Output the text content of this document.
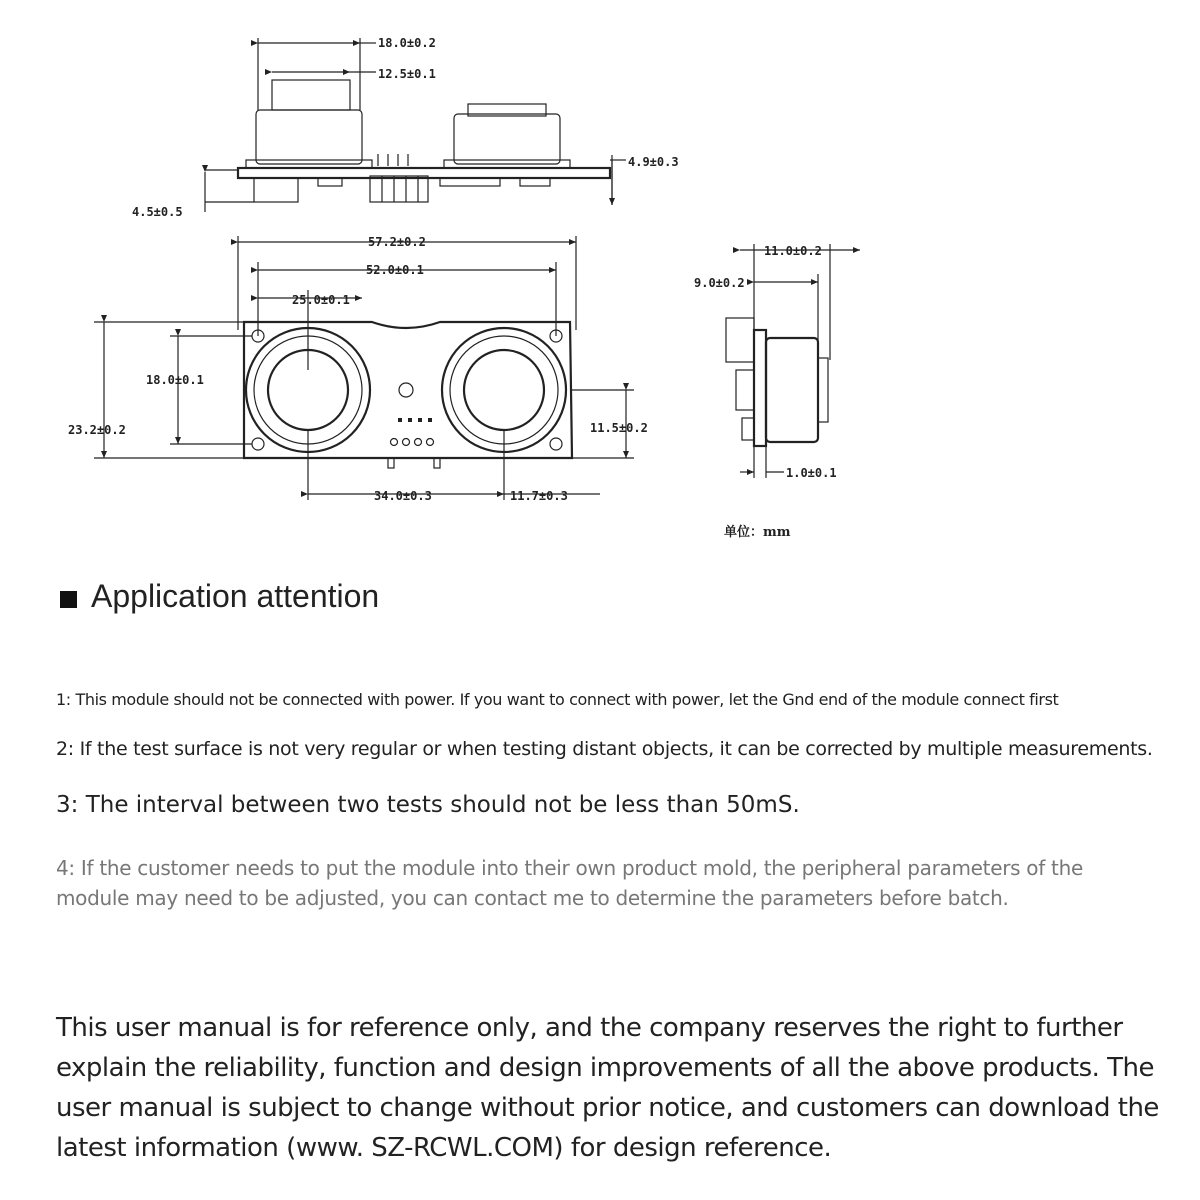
18.0±0.2
12.5±0.1
4.5±0.5
4.9±0.3
57.2±0.2
52.0±0.1
25.0±0.1
23.2±0.2
18.0±0.1
11.5±0.2
34.0±0.3	11.7±0.3
11.0±0.2
9.0±0.2
1.0±0.1
单位：mm
Application attention
1: This module should not be connected with power. If you want to connect with power, let the Gnd end of the module connect first
2: If the test surface is not very regular or when testing distant objects, it can be corrected by multiple measurements.
3: The interval between two tests should not be less than 50mS.
4: If the customer needs to put the module into their own product mold, the peripheral parameters of the module may need to be adjusted, you can contact me to determine the parameters before batch.
This user manual is for reference only, and the company reserves the right to further explain the reliability, function and design improvements of all the above products. The user manual is subject to change without prior notice, and customers can download the latest information (www. SZ-RCWL.COM) for design reference.
